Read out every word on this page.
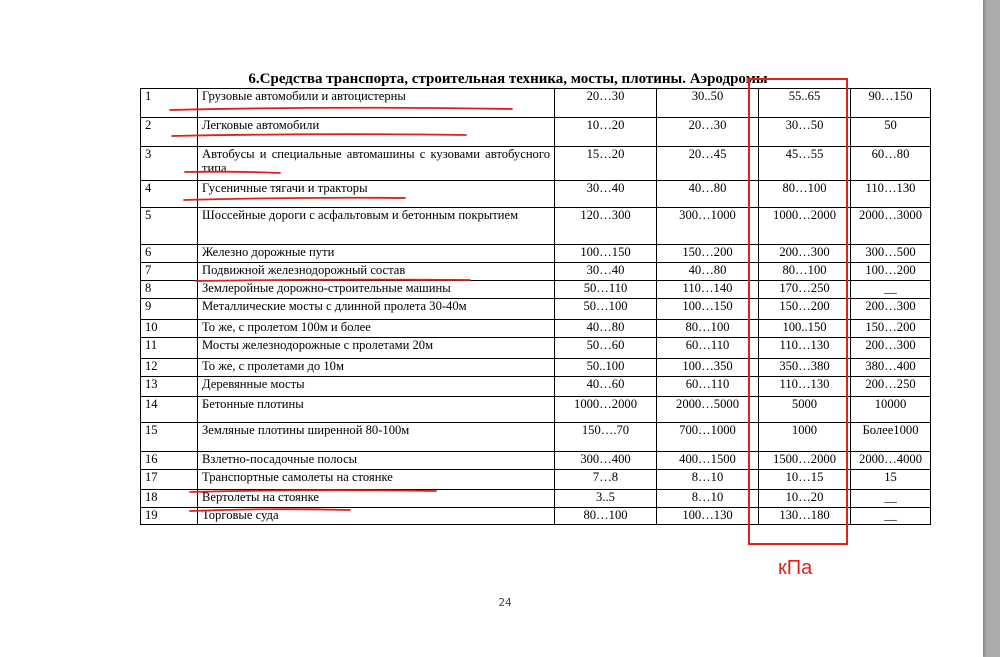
6.Средства транспорта, строительная техника, мосты, плотины. Аэродромы
1	Грузовые автомобили и автоцистерны	20…30	30..50	55..65	90…150
2	Легковые автомобили	10…20	20…30	30…50	50
3	Автобусы и специальные автомашины с кузовами автобусного типа	15…20	20…45	45…55	60…80
4	Гусеничные тягачи и тракторы	30…40	40…80	80…100	110…130
5	Шоссейные дороги с асфальтовым и бетонным покрытием	120…300	300…1000	1000…2000	2000…3000
6	Железно дорожные пути	100…150	150…200	200…300	300…500
7	Подвижной железнодорожный состав	30…40	40…80	80…100	100…200
8	Землеройные дорожно-строительные машины	50…110	110…140	170…250	__
9	Металлические мосты с длинной пролета 30-40м	50…100	100…150	150…200	200…300
10	То же, с пролетом 100м и более	40…80	80…100	100..150	150…200
11	Мосты железнодорожные с пролетами 20м	50…60	60…110	110…130	200…300
12	То же, с пролетами до 10м	50..100	100…350	350…380	380…400
13	Деревянные мосты	40…60	60…110	110…130	200…250
14	Бетонные плотины	1000…2000	2000…5000	5000	10000
15	Земляные плотины ширенной 80-100м	150….70	700…1000	1000	Более1000
16	Взлетно-посадочные полосы	300…400	400…1500	1500…2000	2000…4000
17	Транспортные самолеты на стоянке	7…8	8…10	10…15	15
18	Вертолеты на стоянке	3..5	8…10	10…20	__
19	Торговые суда	80…100	100…130	130…180	__
кПа
24
